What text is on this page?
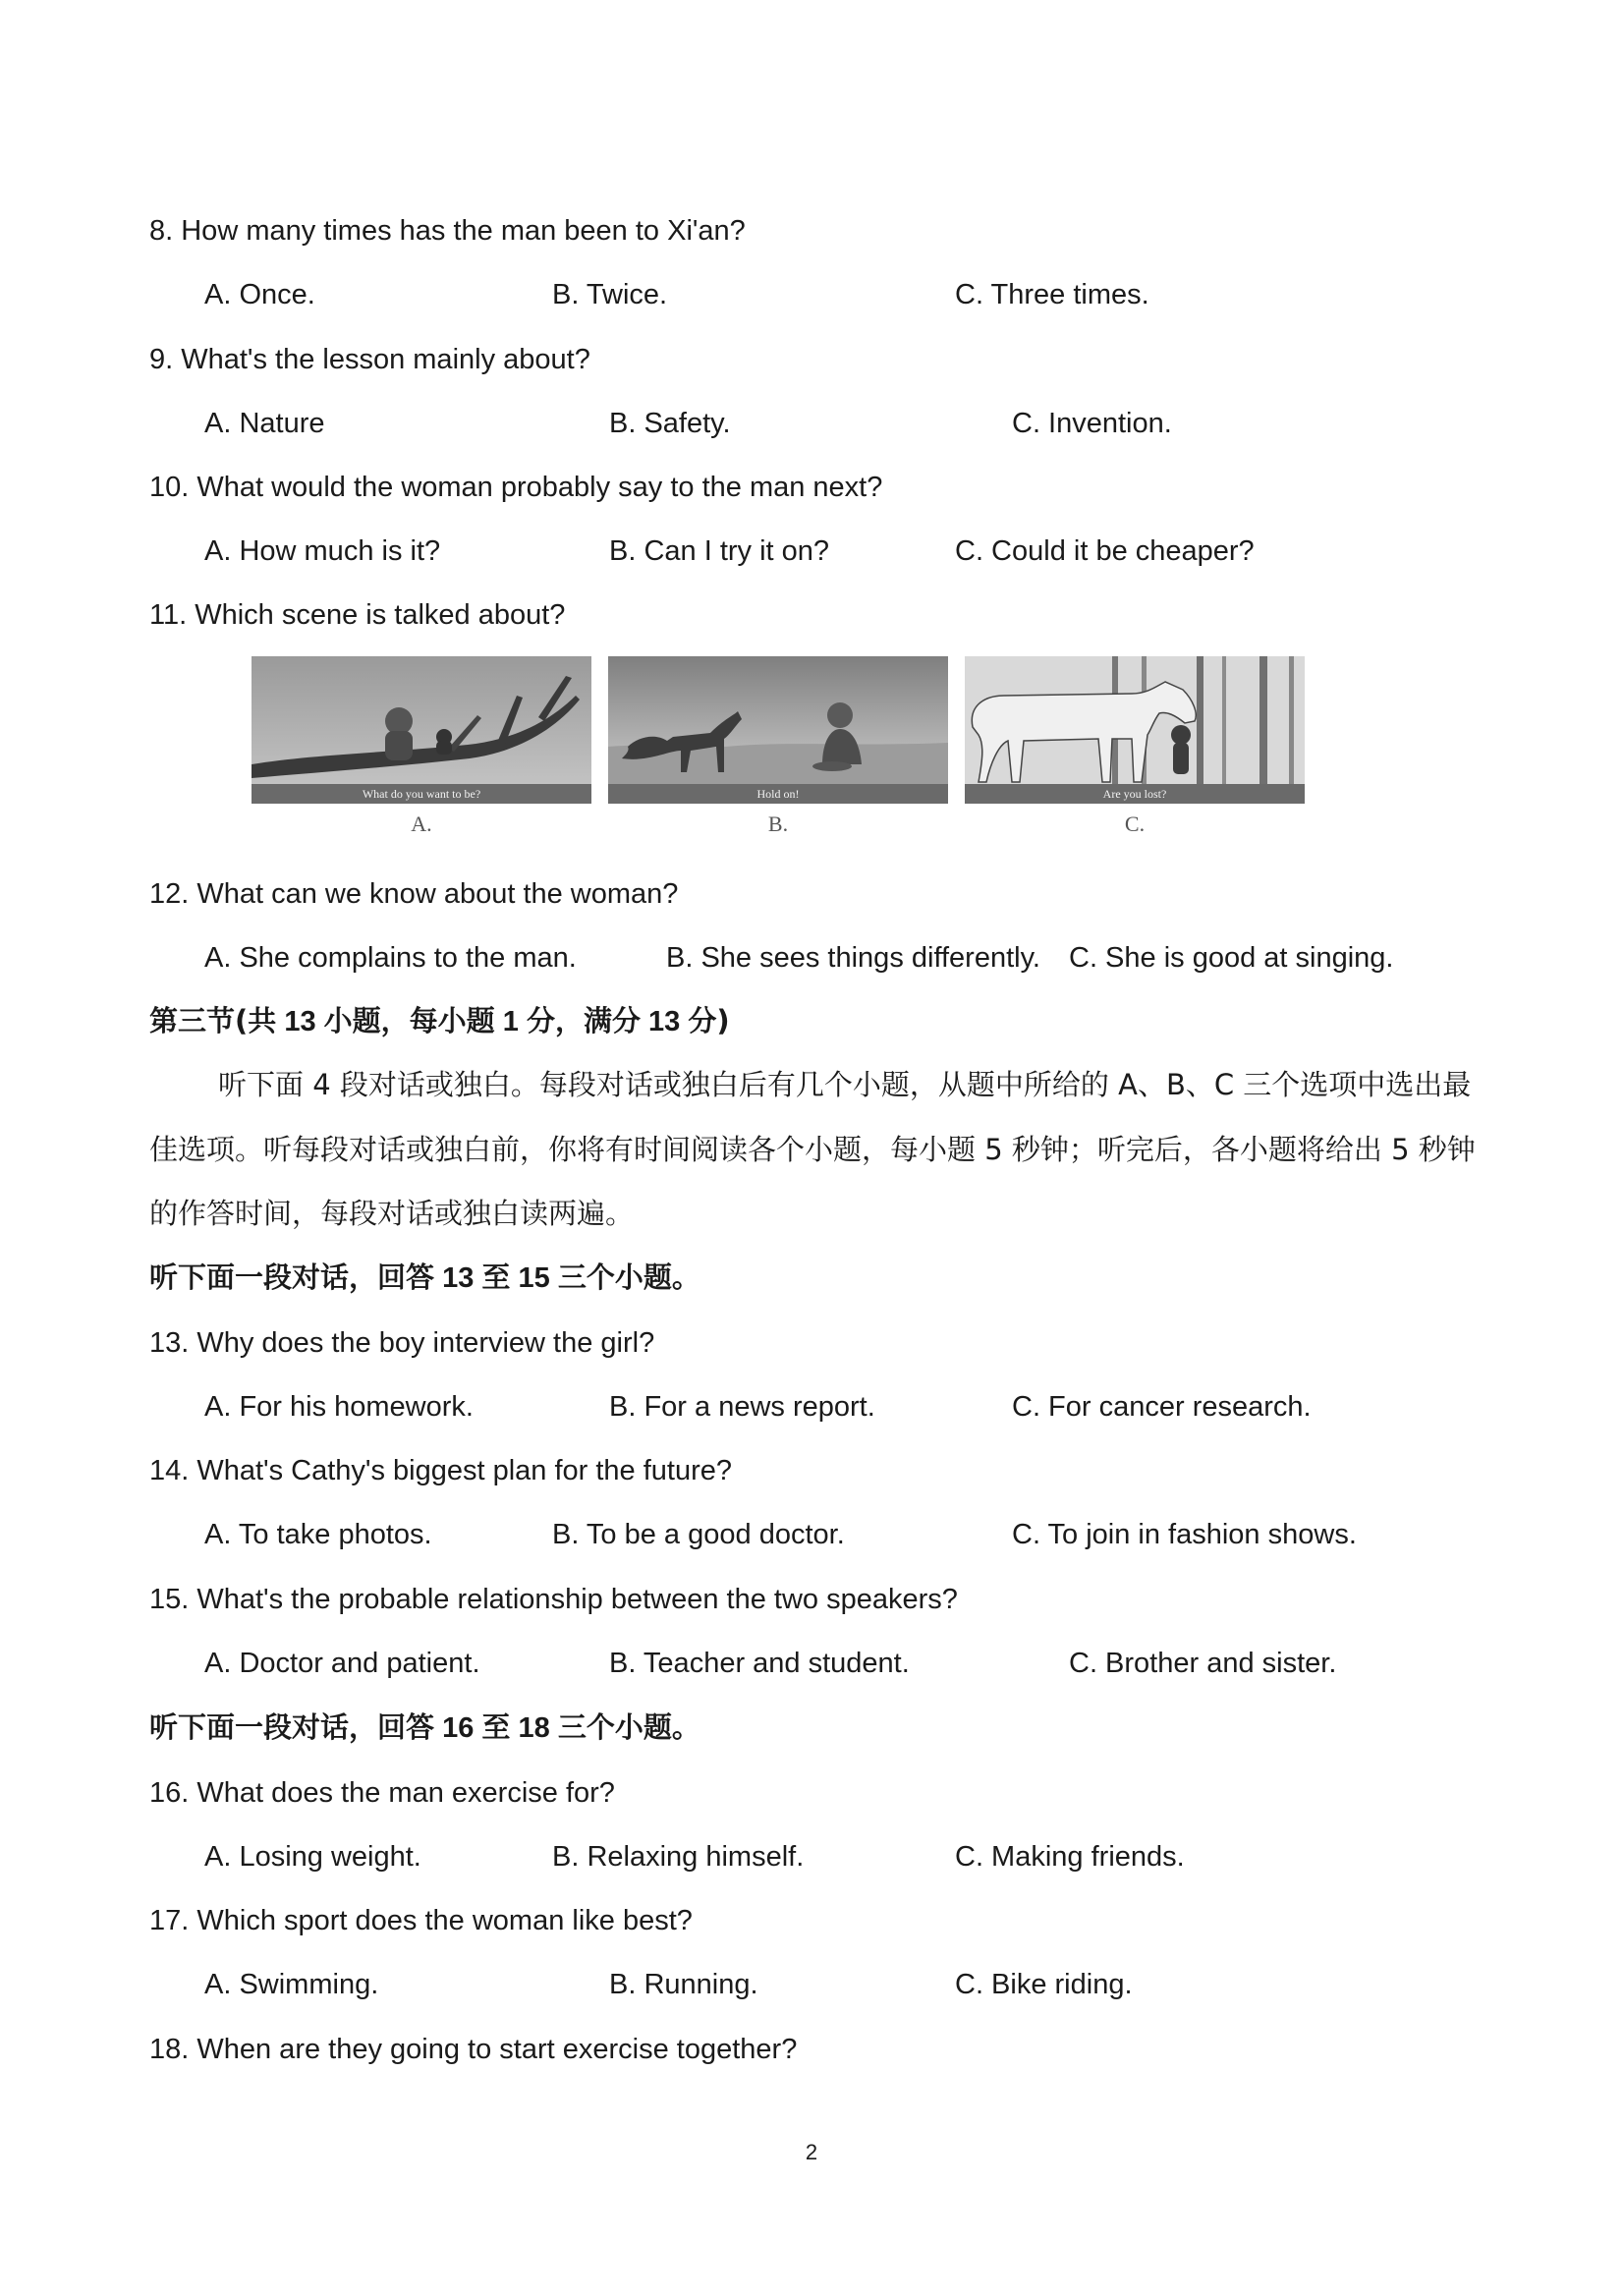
8. How many times has the man been to Xi'an?
A. Once.	B. Twice.	C. Three times.
9. What's the lesson mainly about?
A. Nature	B. Safety.	C. Invention.
10. What would the woman probably say to the man next?
A. How much is it?	B. Can I try it on?	C. Could it be cheaper?
11. Which scene is talked about?
What do you want to be?
A.
Hold on!
B.
Are you lost?
C.
12. What can we know about the woman?
A. She complains to the man.	B. She sees things differently. C. She is good at singing.
第三节(共 13 小题，每小题 1 分，满分 13 分)
听下面 4 段对话或独白。每段对话或独白后有几个小题，从题中所给的 A、B、C 三个选项中选出最
佳选项。听每段对话或独白前，你将有时间阅读各个小题，每小题 5 秒钟；听完后，各小题将给出 5 秒钟
的作答时间，每段对话或独白读两遍。
听下面一段对话，回答 13 至 15 三个小题。
13. Why does the boy interview the girl?
A. For his homework.	B. For a news report.	C. For cancer research.
14. What's Cathy's biggest plan for the future?
A. To take photos.	B. To be a good doctor.	C. To join in fashion shows.
15. What's the probable relationship between the two speakers?
A. Doctor and patient.	B. Teacher and student.	C. Brother and sister.
听下面一段对话，回答 16 至 18 三个小题。
16. What does the man exercise for?
A. Losing weight.	B. Relaxing himself.	C. Making friends.
17. Which sport does the woman like best?
A. Swimming.	B. Running.	C. Bike riding.
18. When are they going to start exercise together?
2
